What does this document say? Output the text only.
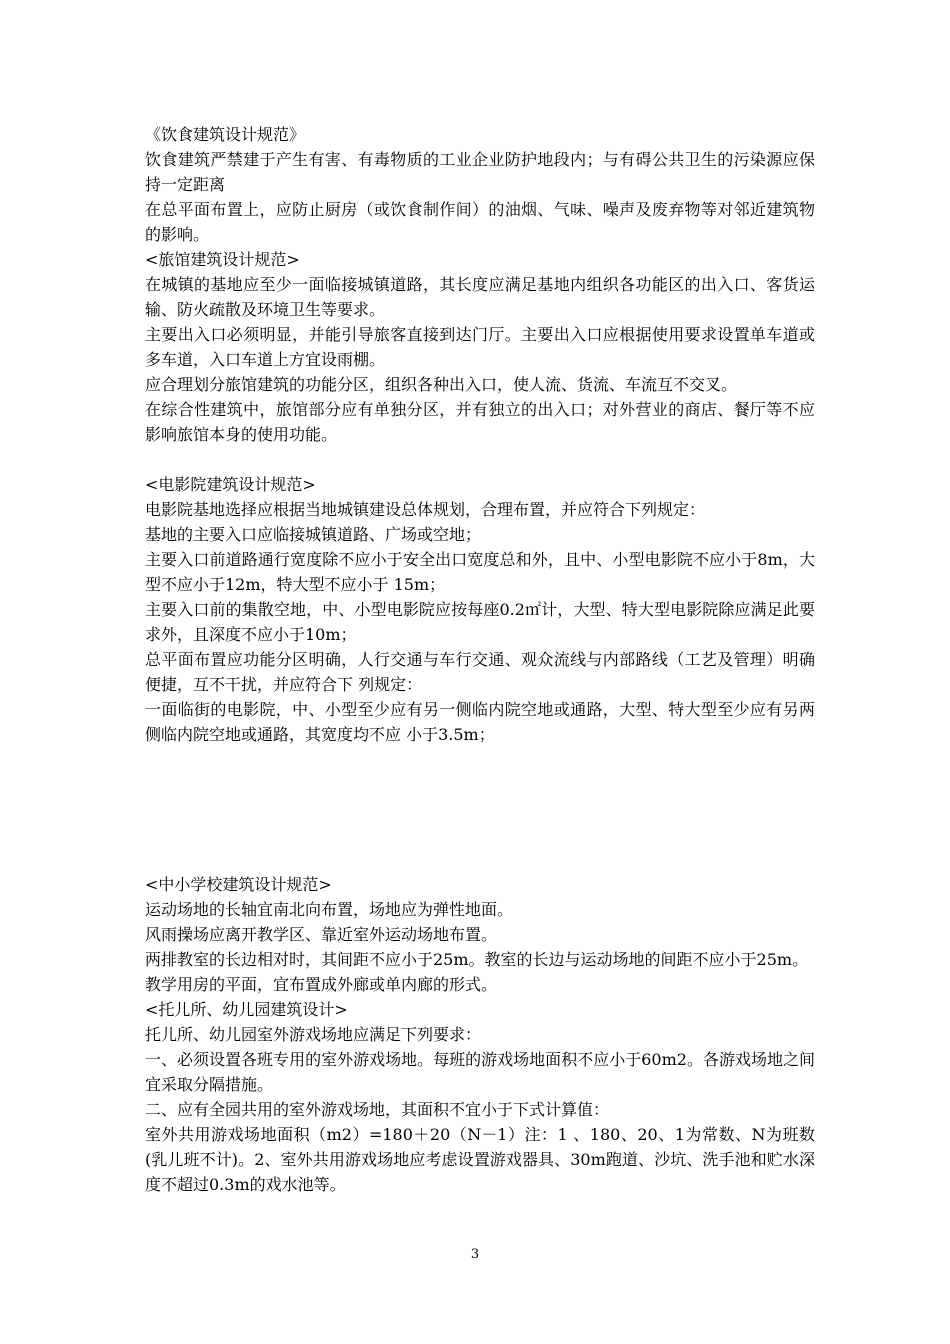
《饮食建筑设计规范》

饮食建筑严禁建于产生有害、有毒物质的工业企业防护地段内；与有碍公共卫生的污染源应保持一定距离

在总平面布置上，应防止厨房（或饮食制作间）的油烟、气味、噪声及废弃物等对邻近建筑物的影响。

<旅馆建筑设计规范>

在城镇的基地应至少一面临接城镇道路，其长度应满足基地内组织各功能区的出入口、客货运输、防火疏散及环境卫生等要求。

主要出入口必须明显，并能引导旅客直接到达门厅。主要出入口应根据使用要求设置单车道或多车道，入口车道上方宜设雨棚。

应合理划分旅馆建筑的功能分区，组织各种出入口，使人流、货流、车流互不交叉。

在综合性建筑中，旅馆部分应有单独分区，并有独立的出入口；对外营业的商店、餐厅等不应影响旅馆本身的使用功能。

<电影院建筑设计规范>

电影院基地选择应根据当地城镇建设总体规划，合理布置，并应符合下列规定：

基地的主要入口应临接城镇道路、广场或空地；

主要入口前道路通行宽度除不应小于安全出口宽度总和外，且中、小型电影院不应小于8m，大型不应小于12m，特大型不应小于 15m；

主要入口前的集散空地，中、小型电影院应按每座0.2㎡计，大型、特大型电影院除应满足此要求外，且深度不应小于10m；

总平面布置应功能分区明确，人行交通与车行交通、观众流线与内部路线（工艺及管理）明确便捷，互不干扰，并应符合下 列规定：

一面临街的电影院，中、小型至少应有另一侧临内院空地或通路，大型、特大型至少应有另两侧临内院空地或通路，其宽度均不应 小于3.5m；

<中小学校建筑设计规范>

运动场地的长轴宜南北向布置，场地应为弹性地面。

风雨操场应离开教学区、靠近室外运动场地布置。

两排教室的长边相对时，其间距不应小于25m。教室的长边与运动场地的间距不应小于25m。

教学用房的平面，宜布置成外廊或单内廊的形式。

<托儿所、幼儿园建筑设计>

托儿所、幼儿园室外游戏场地应满足下列要求：

一、必须设置各班专用的室外游戏场地。每班的游戏场地面积不应小于60m2。各游戏场地之间宜采取分隔措施。

二、应有全园共用的室外游戏场地，其面积不宜小于下式计算值：

室外共用游戏场地面积（m2）=180＋20（N－1）注：1 、180、20、1为常数、N为班数(乳儿班不计)。2、室外共用游戏场地应考虑设置游戏器具、30m跑道、沙坑、洗手池和贮水深度不超过0.3m的戏水池等。

3
